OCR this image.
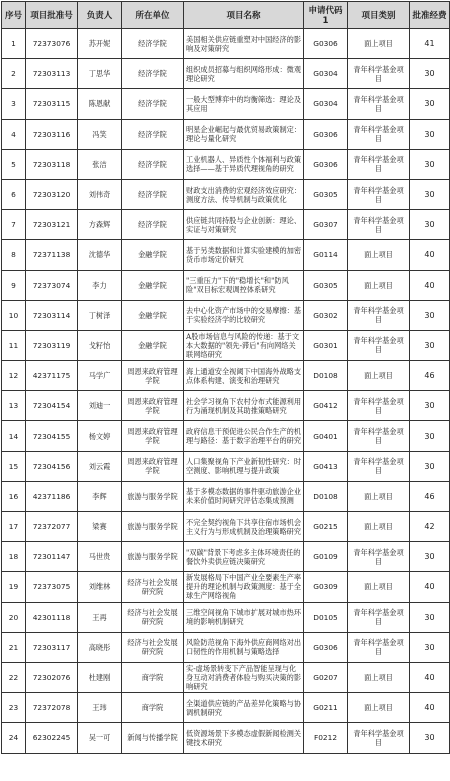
序号	项目批准号	负责人	所在单位	项目名称	申请代码1	项目类别	批准经费
1	72373076	苏开妮	经济学院	美国相关供应链重塑对中国经济的影响及对策研究	G0306	面上项目	41
2	72303113	丁思华	经济学院	组织成员招募与组织网络形成：微观理论研究	G0304	青年科学基金项目	30
3	72303115	陈恩献	经济学院	一般大型博弈中的均衡筛选：理论及其应用	G0304	青年科学基金项目	30
4	72303116	冯笑	经济学院	明星企业崛起与最优贸易政策制定：理论与量化研究	G0306	青年科学基金项目	30
5	72303118	张洁	经济学院	工业机器人、异质性个体福利与政策选择——基于异质代理视角的研究	G0306	青年科学基金项目	30
6	72303120	刘伟奇	经济学院	财政支出消费的宏观经济效应研究：测度方法、传导机制与政策优化	G0305	青年科学基金项目	30
7	72303121	方森辉	经济学院	供应链共同持股与企业创新：理论、实证与对策研究	G0307	青年科学基金项目	30
8	72371138	沈德华	金融学院	基于另类数据和计算实验建模的加密货币市场定价研究	G0114	面上项目	40
9	72373074	李力	金融学院	"三重压力"下的"稳增长"和"防风险"双目标宏观调控体系研究	G0305	面上项目	40
10	72303114	丁树泽	金融学院	去中心化资产市场中的交易摩擦：基于实验经济学的比较研究	G0302	青年科学基金项目	30
11	72303119	戈籽怡	金融学院	A股市场信息与风险的传递：基于文本大数据的"领先-滞后"有向网络关联网络研究	G0301	青年科学基金项目	30
12	42371175	马学广	周恩来政府管理学院	海上通道安全视阈下中国海外战略支点体系构建、演变和治理研究	D0108	面上项目	46
13	72304154	刘迪一	周恩来政府管理学院	社会学习视角下农村分布式能源利用行为涌现机制及其助推策略研究	G0412	青年科学基金项目	30
14	72304155	杨文婷	周恩来政府管理学院	政府信息干预促进公民合作生产的机理与路径：基于数字治理平台的研究	G0401	青年科学基金项目	30
15	72304156	刘云霞	周恩来政府管理学院	人口集聚视角下产业新韧性研究：时空测度、影响机理与提升政策	G0413	青年科学基金项目	30
16	42371186	李辉	旅游与服务学院	基于多模态数据的事件驱动旅游企业未来价值时间研究评估态集成预测	D0108	面上项目	46
17	72372077	梁赛	旅游与服务学院	不完全契约视角下共享住宿市场机会主义行为与形成机制及治理策略研究	G0215	面上项目	42
18	72301147	马世贵	旅游与服务学院	"双碳"背景下考虑多主体环境责任的餐饮外卖供应链决策研究	G0109	青年科学基金项目	30
19	72373075	刘维林	经济与社会发展研究院	新发展格局下中国产业全要素生产率提升的理论机制与政策测度：基于全球生产网络视角	G0309	面上项目	40
20	42301118	王再	经济与社会发展研究院	三维空间视角下城市扩展对城市热环境的影响机制研究	D0105	青年科学基金项目	30
21	72303117	高晓彤	经济与社会发展研究院	风险防范视角下海外供应商网络对出口韧性的作用机制与策略选择	G0306	青年科学基金项目	30
22	72302076	杜建刚	商学院	实-虚场景转变下产品智能呈现与化身互动对消费者体验与购买决策的影响研究	G0207	面上项目	40
23	72372078	王玮	商学院	全渠道供应链的产品差异化策略与协调机制研究	G0211	面上项目	40
24	62302245	吴一可	新闻与传播学院	低资源场景下多模态虚假新闻检测关键技术研究	F0212	青年科学基金项目	30
